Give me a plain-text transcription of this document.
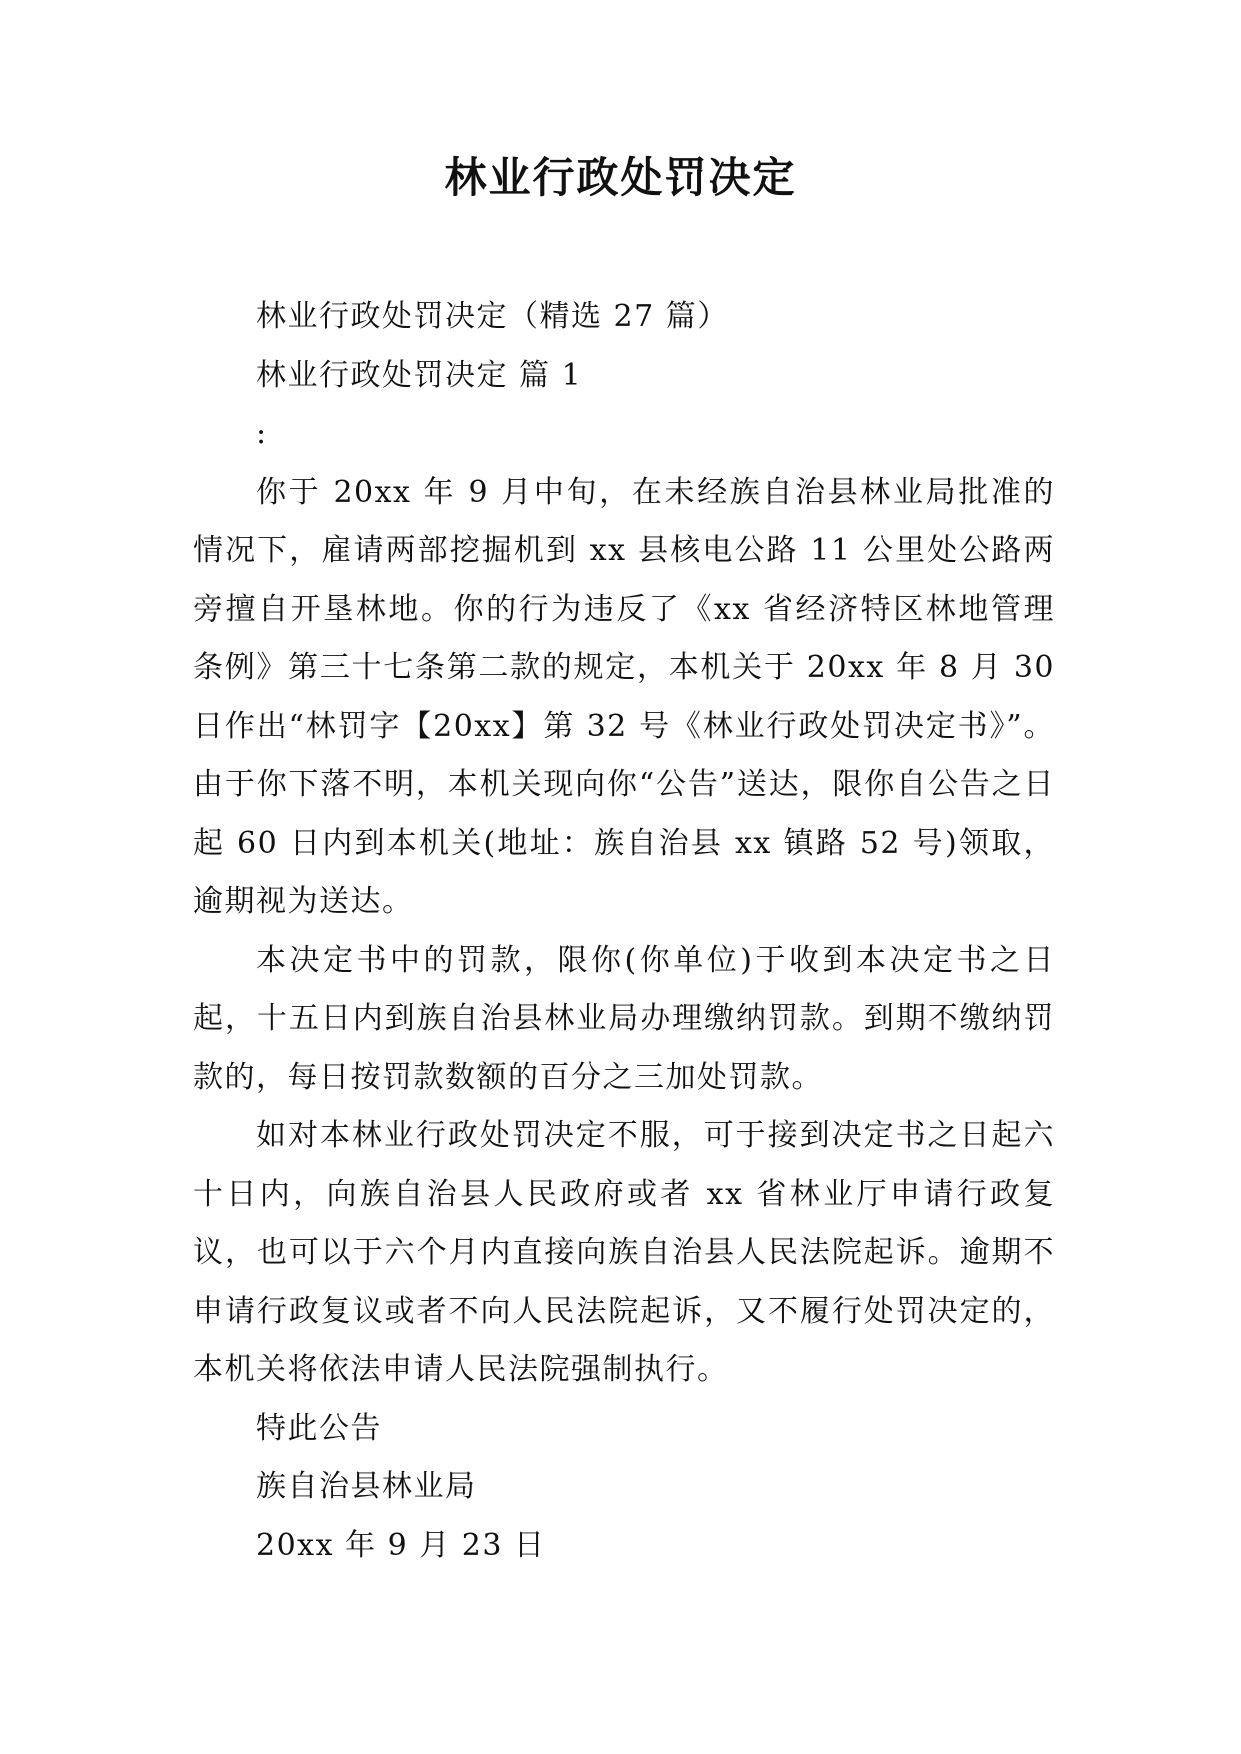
林业行政处罚决定

林业行政处罚决定（精选 27 篇）

林业行政处罚决定 篇 1

:

你于 20xx 年 9 月中旬，在未经族自治县林业局批准的情况下，雇请两部挖掘机到 xx 县核电公路 11 公里处公路两旁擅自开垦林地。你的行为违反了《xx 省经济特区林地管理条例》第三十七条第二款的规定，本机关于 20xx 年 8 月 30 日作出“林罚字【20xx】第 32 号《林业行政处罚决定书》”。由于你下落不明，本机关现向你“公告”送达，限你自公告之日起 60 日内到本机关(地址：族自治县 xx 镇路 52 号)领取，逾期视为送达。

本决定书中的罚款，限你(你单位)于收到本决定书之日起，十五日内到族自治县林业局办理缴纳罚款。到期不缴纳罚款的，每日按罚款数额的百分之三加处罚款。

如对本林业行政处罚决定不服，可于接到决定书之日起六十日内，向族自治县人民政府或者 xx 省林业厅申请行政复议，也可以于六个月内直接向族自治县人民法院起诉。逾期不申请行政复议或者不向人民法院起诉，又不履行处罚决定的，本机关将依法申请人民法院强制执行。

特此公告

族自治县林业局

20xx 年 9 月 23 日
